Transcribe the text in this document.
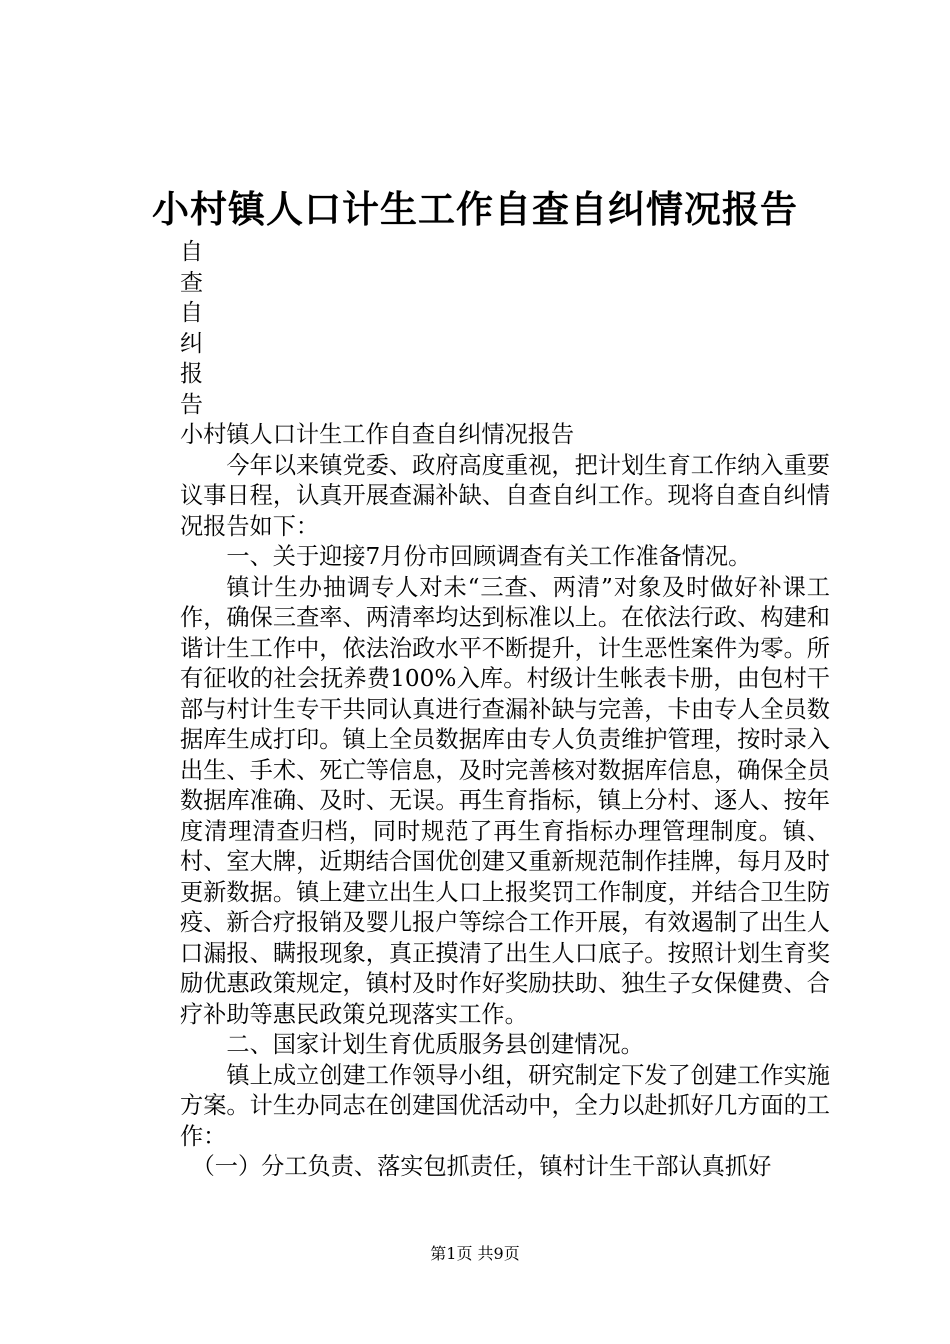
小村镇人口计生工作自查自纠情况报告
自
查
自
纠
报
告

小村镇人口计生工作自查自纠情况报告

今年以来镇党委、政府高度重视，把计划生育工作纳入重要议事日程，认真开展查漏补缺、自查自纠工作。现将自查自纠情况报告如下：

一、关于迎接7月份市回顾调查有关工作准备情况。

镇计生办抽调专人对未“三查、两清”对象及时做好补课工作，确保三查率、两清率均达到标准以上。在依法行政、构建和谐计生工作中，依法治政水平不断提升，计生恶性案件为零。所有征收的社会抚养费100%入库。村级计生帐表卡册，由包村干部与村计生专干共同认真进行查漏补缺与完善，卡由专人全员数据库生成打印。镇上全员数据库由专人负责维护管理，按时录入出生、手术、死亡等信息，及时完善核对数据库信息，确保全员数据库准确、及时、无误。再生育指标，镇上分村、逐人、按年度清理清查归档，同时规范了再生育指标办理管理制度。镇、村、室大牌，近期结合国优创建又重新规范制作挂牌，每月及时更新数据。镇上建立出生人口上报奖罚工作制度，并结合卫生防疫、新合疗报销及婴儿报户等综合工作开展，有效遏制了出生人口漏报、瞒报现象，真正摸清了出生人口底子。按照计划生育奖励优惠政策规定，镇村及时作好奖励扶助、独生子女保健费、合疗补助等惠民政策兑现落实工作。

二、国家计划生育优质服务县创建情况。

镇上成立创建工作领导小组，研究制定下发了创建工作实施方案。计生办同志在创建国优活动中，全力以赴抓好几方面的工作：

（一）分工负责、落实包抓责任，镇村计生干部认真抓好

第1页 共9页
